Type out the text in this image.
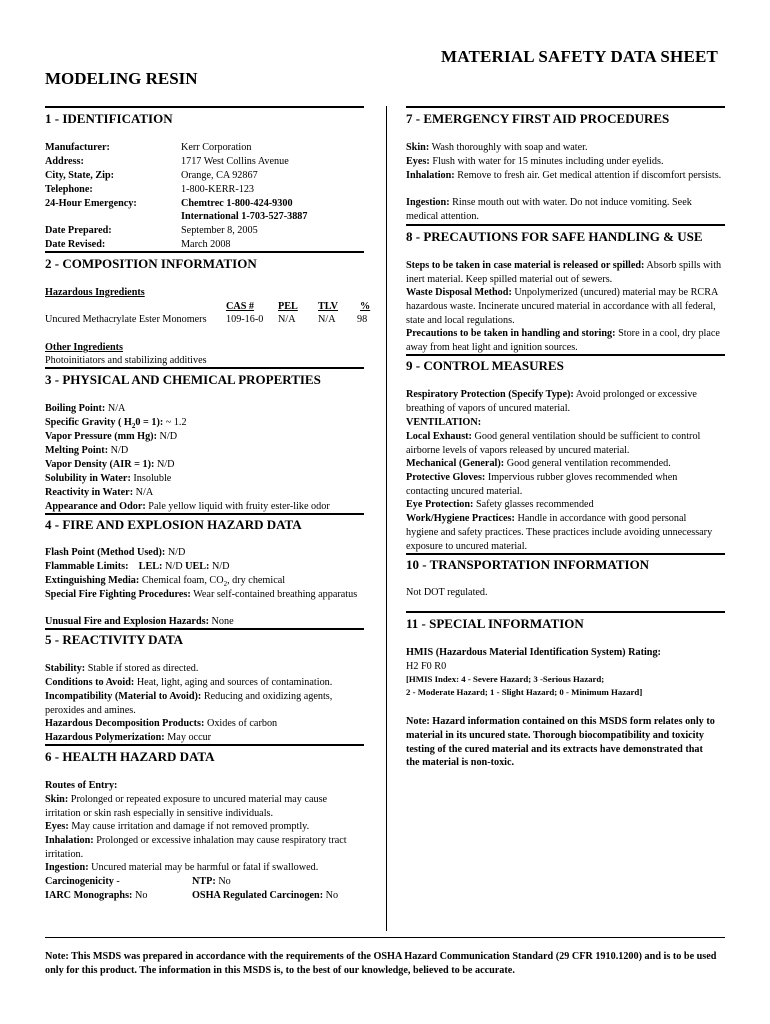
MATERIAL SAFETY DATA SHEET
MODELING RESIN
1 - IDENTIFICATION
Manufacturer:	Kerr Corporation
Address:	1717 West Collins Avenue
City, State, Zip:	Orange, CA 92867
Telephone:	1-800-KERR-123
24-Hour Emergency:	Chemtrec 1-800-424-9300
International 1-703-527-3887
Date Prepared:	September 8, 2005
Date Revised:	March 2008
2 - COMPOSITION INFORMATION
Hazardous Ingredients
CAS # PEL TLV %
Uncured Methacrylate Ester Monomers 109-16-0 N/A N/A 98
Other Ingredients
Photoinitiators and stabilizing additives
3 - PHYSICAL AND CHEMICAL PROPERTIES
Boiling Point: N/A
Specific Gravity ( $H_20 = 1$): ~ 1.2
Vapor Pressure (mm Hg): N/D
Melting Point: N/D
Vapor Density (AIR = 1): N/D
Solubility in Water: Insoluble
Reactivity in Water: N/A
Appearance and Odor: Pale yellow liquid with fruity ester-like odor
4 - FIRE AND EXPLOSION HAZARD DATA
Flash Point (Method Used): N/D
Flammable Limits: LEL: N/D UEL: N/D
Extinguishing Media: Chemical foam, $CO_2$, dry chemical
Special Fire Fighting Procedures: Wear self-contained breathing apparatus
Unusual Fire and Explosion Hazards: None
5 - REACTIVITY DATA
Stability: Stable if stored as directed.
Conditions to Avoid: Heat, light, aging and sources of contamination.
Incompatibility (Material to Avoid): Reducing and oxidizing agents, peroxides and amines.
Hazardous Decomposition Products: Oxides of carbon
Hazardous Polymerization: May occur
6 - HEALTH HAZARD DATA
Routes of Entry:
Skin: Prolonged or repeated exposure to uncured material may cause irritation or skin rash especially in sensitive individuals.
Eyes: May cause irritation and damage if not removed promptly.
Inhalation: Prolonged or excessive inhalation may cause respiratory tract irritation.
Ingestion: Uncured material may be harmful or fatal if swallowed.
Carcinogenicity -	NTP: No
IARC Monographs: No	OSHA Regulated Carcinogen: No
7 - EMERGENCY FIRST AID PROCEDURES
Skin: Wash thoroughly with soap and water.
Eyes: Flush with water for 15 minutes including under eyelids.
Inhalation: Remove to fresh air. Get medical attention if discomfort persists.
Ingestion: Rinse mouth out with water. Do not induce vomiting. Seek medical attention.
8 - PRECAUTIONS FOR SAFE HANDLING & USE
Steps to be taken in case material is released or spilled: Absorb spills with inert material. Keep spilled material out of sewers.
Waste Disposal Method: Unpolymerized (uncured) material may be RCRA hazardous waste. Incinerate uncured material in accordance with all federal, state and local regulations.
Precautions to be taken in handling and storing: Store in a cool, dry place away from heat light and ignition sources.
9 - CONTROL MEASURES
Respiratory Protection (Specify Type): Avoid prolonged or excessive breathing of vapors of uncured material.
VENTILATION:
Local Exhaust: Good general ventilation should be sufficient to control airborne levels of vapors released by uncured material.
Mechanical (General): Good general ventilation recommended.
Protective Gloves: Impervious rubber gloves recommended when contacting uncured material.
Eye Protection: Safety glasses recommended
Work/Hygiene Practices: Handle in accordance with good personal hygiene and safety practices. These practices include avoiding unnecessary exposure to uncured material.
10 - TRANSPORTATION INFORMATION
Not DOT regulated.
11 - SPECIAL INFORMATION
HMIS (Hazardous Material Identification System) Rating:
H2 F0 R0
[HMIS Index: 4 - Severe Hazard; 3 -Serious Hazard;
2 - Moderate Hazard; 1 - Slight Hazard; 0 - Minimum Hazard]
Note: Hazard information contained on this MSDS form relates only to material in its uncured state. Thorough biocompatibility and toxicity testing of the cured material and its extracts have demonstrated that the material is non-toxic.
Note: This MSDS was prepared in accordance with the requirements of the OSHA Hazard Communication Standard (29 CFR 1910.1200) and is to be used only for this product. The information in this MSDS is, to the best of our knowledge, believed to be accurate.
